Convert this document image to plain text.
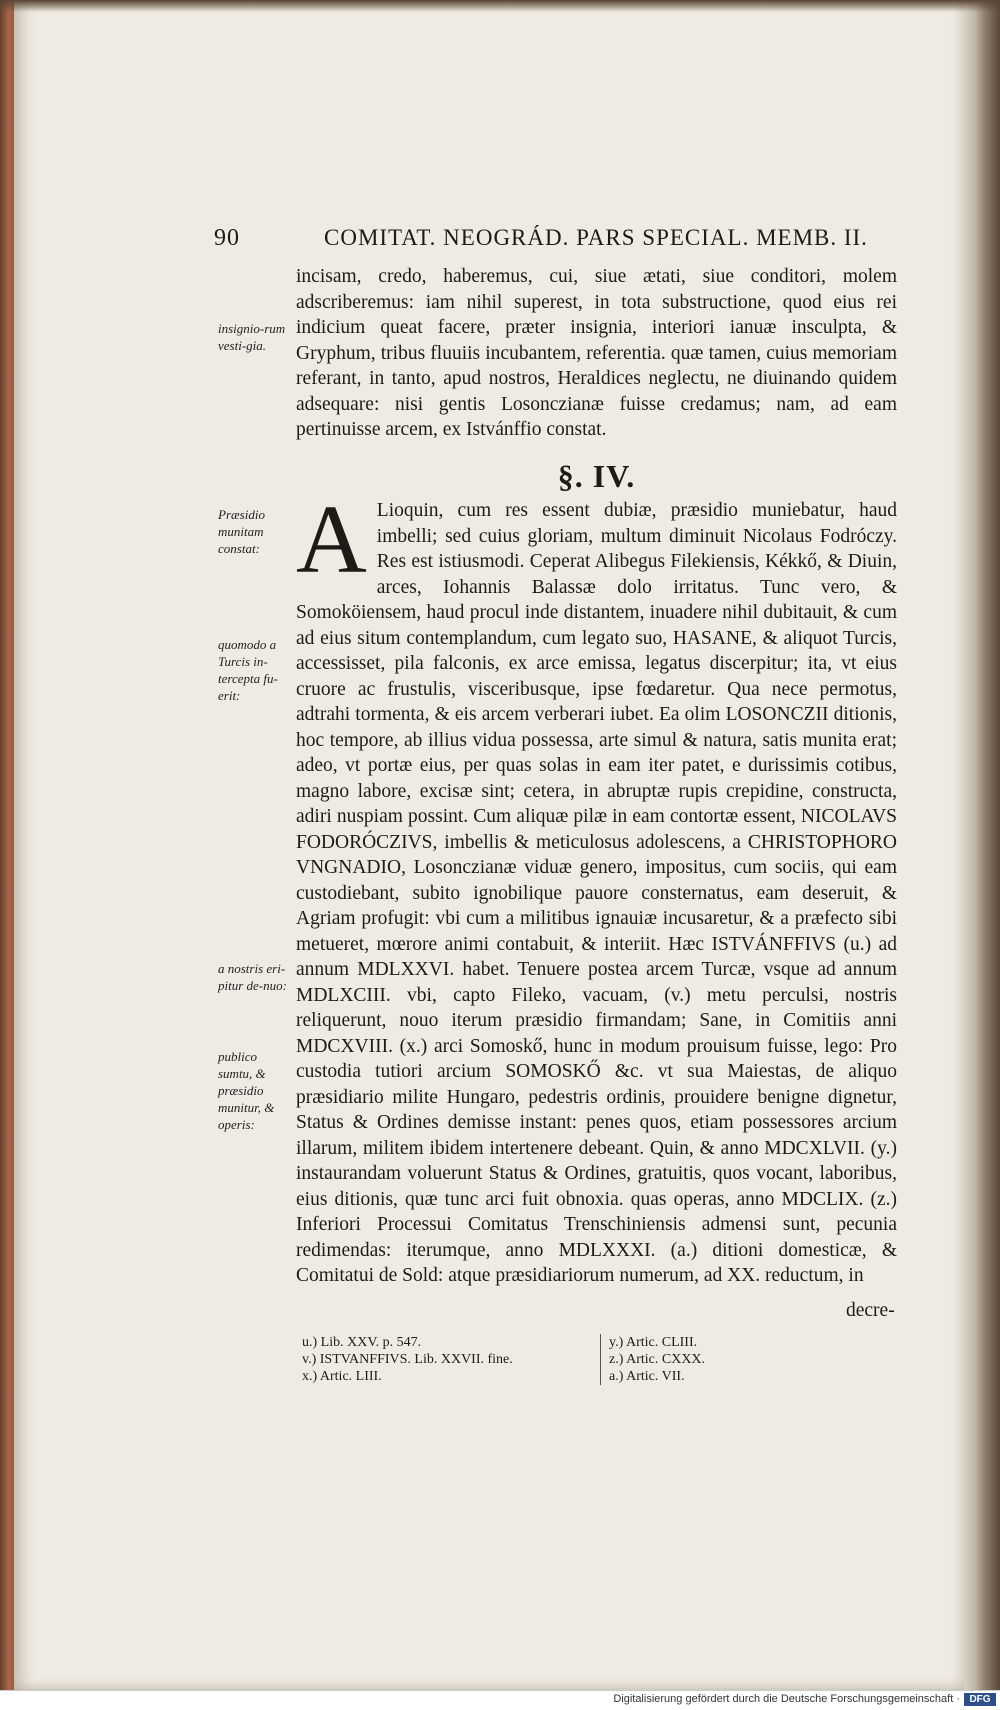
90	COMITAT. NEOGRÁD. PARS SPECIAL. MEMB. II.

incisam, credo, haberemus, cui, siue ætati, siue conditori, molem adscriberemus: iam nihil superest, in tota substructione, quod eius rei indicium queat facere, præter insignia, interiori ianuæ insculpta, & Gryphum, tribus fluuiis incubantem, referentia. quæ tamen, cuius memoriam referant, in tanto, apud nostros, Heraldices neglectu, ne diuinando quidem adsequare: nisi gentis Losonczianæ fuisse credamus; nam, ad eam pertinuisse arcem, ex Istvánffio constat.

insignio-rum vesti-gia.
§. IV.
Præsidio munitam constat:
quomodo a Turcis in-tercepta fu-erit:
a nostris eri-pitur de-nuo:
publico sumtu, & præsidio munitur, & operis:
A Lioquin, cum res essent dubiæ, præsidio muniebatur, haud imbelli; sed cuius gloriam, multum diminuit Nicolaus Fodróczy. Res est istiusmodi. Ceperat Alibegus Filekiensis, Kékkő, & Diuin, arces, Iohannis Balassæ dolo irritatus. Tunc vero, & Somoköiensem, haud procul inde distantem, inuadere nihil dubitauit, & cum ad eius situm contemplandum, cum legato suo, HASANE, & aliquot Turcis, accessisset, pila falconis, ex arce emissa, legatus discerpitur; ita, vt eius cruore ac frustulis, visceribusque, ipse fœdaretur. Qua nece permotus, adtrahi tormenta, & eis arcem verberari iubet. Ea olim LOSONCZII ditionis, hoc tempore, ab illius vidua possessa, arte simul & natura, satis munita erat; adeo, vt portæ eius, per quas solas in eam iter patet, e durissimis cotibus, magno labore, excisæ sint; cetera, in abruptæ rupis crepidine, constructa, adiri nuspiam possint. Cum aliquæ pilæ in eam contortæ essent, NICOLAVS FODORÓCZIVS, imbellis & meticulosus adolescens, a CHRISTOPHORO VNGNADIO, Losonczianæ viduæ genero, impositus, cum sociis, qui eam custodiebant, subito ignobilique pauore consternatus, eam deseruit, & Agriam profugit: vbi cum a militibus ignauiæ incusaretur, & a præfecto sibi metueret, mœrore animi contabuit, & interiit. Hæc ISTVÁNFFIVS (u.) ad annum MDLXXVI. habet. Tenuere postea arcem Turcæ, vsque ad annum MDLXCIII. vbi, capto Fileko, vacuam, (v.) metu perculsi, nostris reliquerunt, nouo iterum præsidio firmandam; Sane, in Comitiis anni MDCXVIII. (x.) arci Somoskő, hunc in modum prouisum fuisse, lego: Pro custodia tutiori arcium SOMOSKŐ &c. vt sua Maiestas, de aliquo præsidiario milite Hungaro, pedestris ordinis, prouidere benigne dignetur, Status & Ordines demisse instant: penes quos, etiam possessores arcium illarum, militem ibidem intertenere debeant. Quin, & anno MDCXLVII. (y.) instaurandam voluerunt Status & Ordines, gratuitis, quos vocant, laboribus, eius ditionis, quæ tunc arci fuit obnoxia. quas operas, anno MDCLIX. (z.) Inferiori Processui Comitatus Trenschiniensis admensi sunt, pecunia redimendas: iterumque, anno MDLXXXI. (a.) ditioni domesticæ, & Comitatui de Sold: atque præsidiariorum numerum, ad XX. reductum, in

decre-
u.) Lib. XXV. p. 547.
v.) ISTVANFFIVS. Lib. XXVII. fine.
x.) Artic. LIII.
y.) Artic. CLIII.
z.) Artic. CXXX.
a.) Artic. VII.
Digitalisierung gefördert durch die Deutsche Forschungsgemeinschaft · DFG
